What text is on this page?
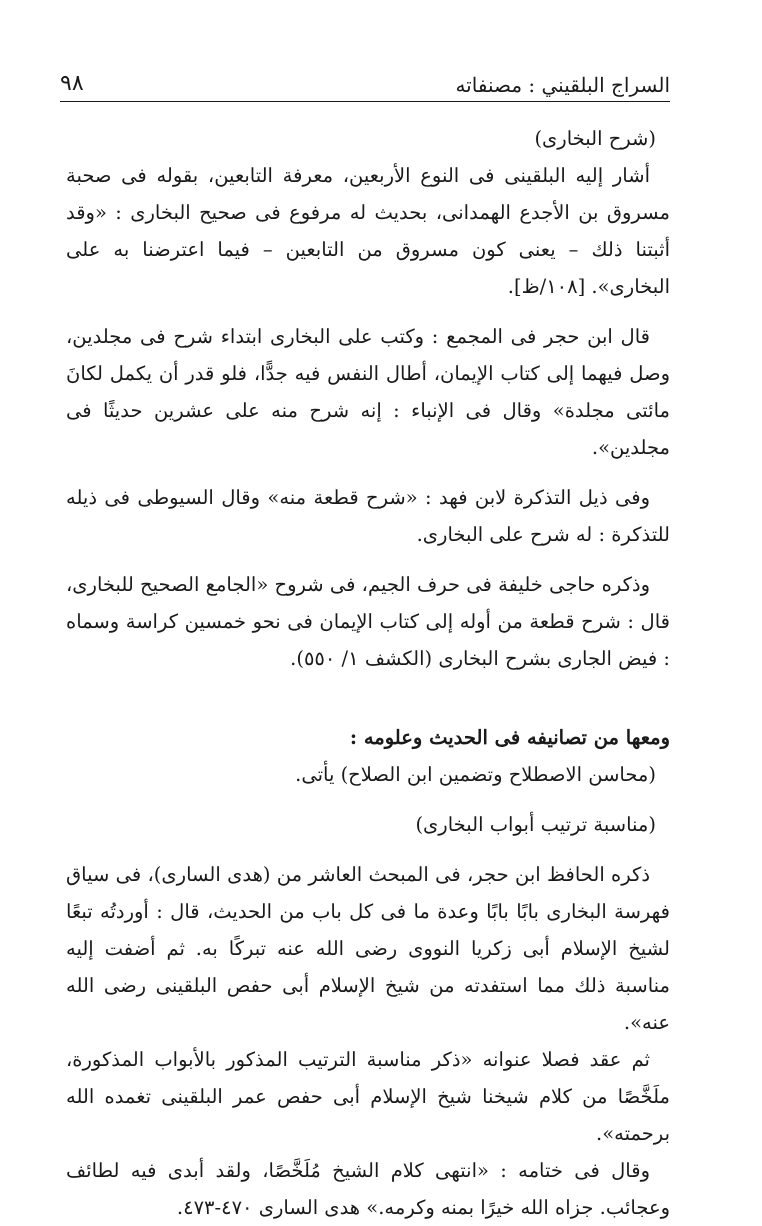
السراج البلقيني : مصنفاته
٩٨

(شرح البخارى)

أشار إليه البلقينى فى النوع الأربعين، معرفة التابعين، بقوله فى صحبة مسروق بن الأجدع الهمدانى، بحديث له مرفوع فى صحيح البخارى : «وقد أثبتنا ذلك – يعنى كون مسروق من التابعين – فيما اعترضنا به على البخارى». [١٠٨/ظ].

قال ابن حجر فى المجمع : وكتب على البخارى ابتداء شرح فى مجلدين، وصل فيهما إلى كتاب الإيمان، أطال النفس فيه جدًّا، فلو قدر أن يكمل لكانَ مائتى مجلدة» وقال فى الإنباء : إنه شرح منه على عشرين حديثًا فى مجلدين».

وفى ذيل التذكرة لابن فهد : «شرح قطعة منه» وقال السيوطى فى ذيله للتذكرة : له شرح على البخارى.

وذكره حاجى خليفة فى حرف الجيم، فى شروح «الجامع الصحيح للبخارى، قال : شرح قطعة من أوله إلى كتاب الإيمان فى نحو خمسين كراسة وسماه : فيض الجارى بشرح البخارى (الكشف ١/ ٥٥٠).

ومعها من تصانيفه فى الحديث وعلومه :

(محاسن الاصطلاح وتضمين ابن الصلاح) يأتى.

(مناسبة ترتيب أبواب البخارى)

ذكره الحافظ ابن حجر، فى المبحث العاشر من (هدى السارى)، فى سياق فهرسة البخارى بابًا بابًا وعدة ما فى كل باب من الحديث، قال : أوردتُه تبعًا لشيخ الإسلام أبى زكريا النووى رضى الله عنه تبركًا به. ثم أضفت إليه مناسبة ذلك مما استفدته من شيخ الإسلام أبى حفص البلقينى رضى الله عنه».

ثم عقد فصلا عنوانه «ذكر مناسبة الترتيب المذكور بالأبواب المذكورة، ملَخَّصًا من كلام شيخنا شيخ الإسلام أبى حفص عمر البلقينى تغمده الله برحمته».

وقال فى ختامه : «انتهى كلام الشيخ مُلَخَّصًا، ولقد أبدى فيه لطائف وعجائب. جزاه الله خيرًا بمنه وكرمه.» هدى السارى ٤٧٠-٤٧٣.
